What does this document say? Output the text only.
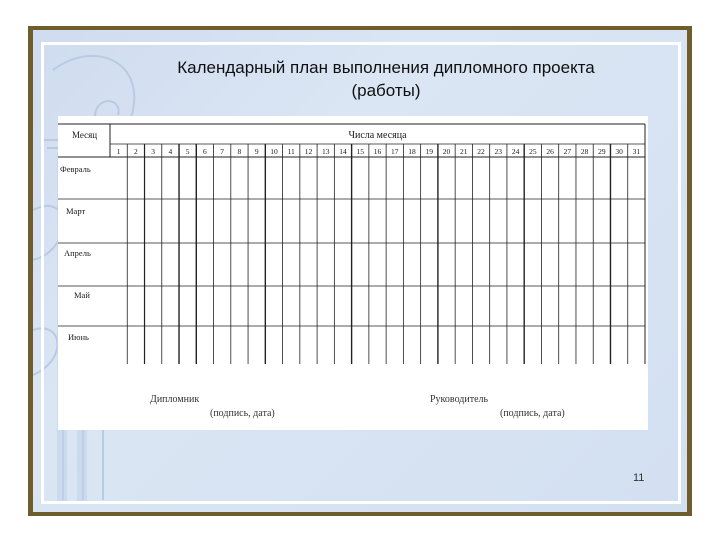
Календарный план выполнения дипломного проекта
(работы)
Месяц	Числа месяца
1 2 3 4 5 6 7 8 9 10 11 12 13 14 15 16 17 18 19 20 21 22 23 24 25 26 27 28 29 30 31
Февраль
Март
Апрель
Май
Июнь
Дипломник
(подпись, дата)
Руководитель
(подпись, дата)
11
